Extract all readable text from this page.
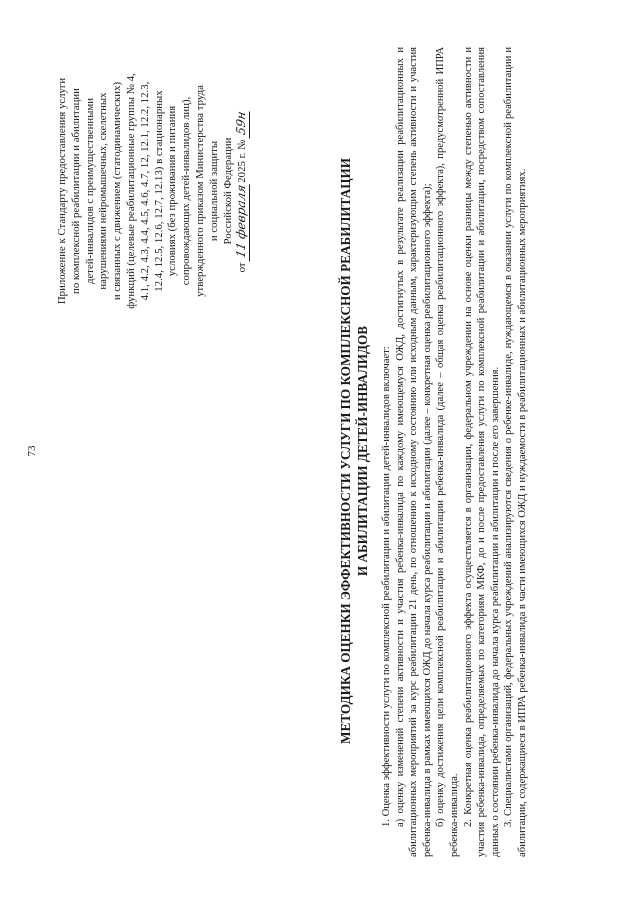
73
Приложение к Стандарту предоставления услуги по комплексной реабилитации и абилитации детей-инвалидов с преимущественными нарушениями нейромышечных, скелетных и связанных с движением (статодинамических) функций (целевые реабилитационные группы № 4, 4.1, 4.2, 4.3, 4.4, 4.5, 4.6, 4.7, 12, 12.1, 12.2, 12.3, 12.4, 12.5, 12.6, 12.7, 12.13) в стационарных условиях (без проживания и питания сопровождающих детей-инвалидов лиц), утвержденного приказом Министерства труда и социальной защиты Российской Федерации
от 11 февраля2025 г. № 59н
МЕТОДИКА ОЦЕНКИ ЭФФЕКТИВНОСТИ УСЛУГИ ПО КОМПЛЕКСНОЙ РЕАБИЛИТАЦИИ И АБИЛИТАЦИИ ДЕТЕЙ-ИНВАЛИДОВ 1. Оценка эффективности услуги по комплексной реабилитации и абилитации детей-инвалидов включает: а) оценку изменений степени активности и участия ребенка-инвалида по каждому имеющемуся ОЖД, достигнутых в результате реализации реабилитационных и абилитационных мероприятий за курс реабилитации 21 день, по отношению к исходному состоянию или исходным данным, характеризующим степень активности и участия ребенка-инвалида в рамках имеющихся ОЖД до начала курса реабилитации и абилитации (далее – конкретная оценка реабилитационного эффекта); б) оценку достижения цели комплексной реабилитации и абилитации ребенка-инвалида (далее – общая оценка реабилитационного эффекта), предусмотренной ИПРА ребенка-инвалида. 2. Конкретная оценка реабилитационного эффекта осуществляется в организации, федеральном учреждении на основе оценки разницы между степенью активности и участия ребенка-инвалида, определяемых по категориям МКФ, до и после предоставления услуги по комплексной реабилитации и абилитации, посредством сопоставления данных о состоянии ребенка-инвалида до начала курса реабилитации и абилитации и после его завершения. 3. Специалистами организаций, федеральных учреждений анализируются сведения о ребенке-инвалиде, нуждающемся в оказании услуги по комплексной реабилитации и абилитации, содержащиеся в ИПРА ребенка-инвалида в части имеющихся ОЖД и нуждаемости в реабилитационных и абилитационных мероприятиях.
